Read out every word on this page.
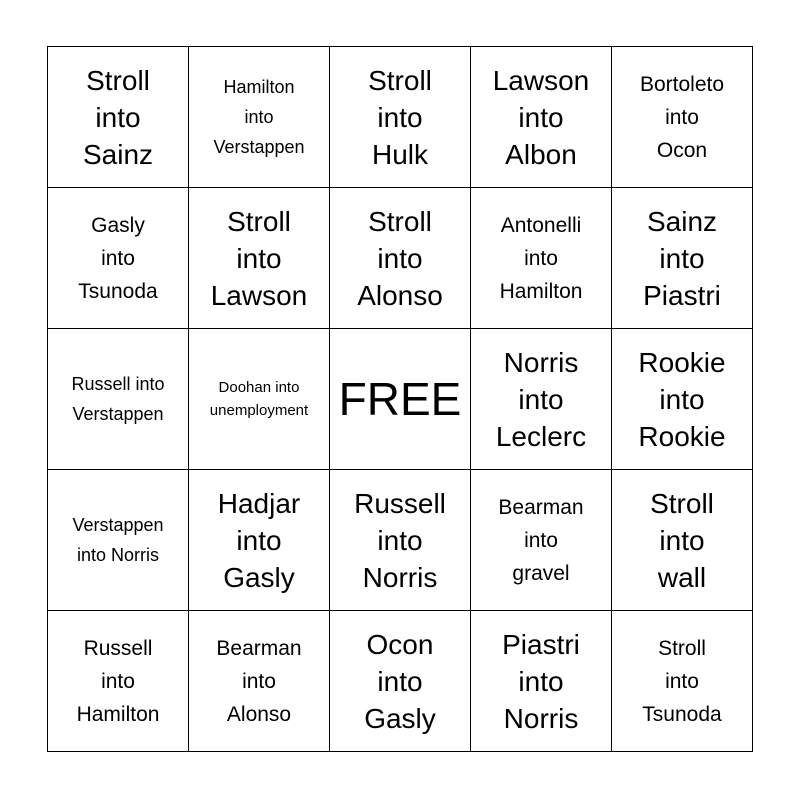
Stroll
into
Sainz
Hamilton
into
Verstappen
Stroll
into
Hulk
Lawson
into
Albon
Bortoleto
into
Ocon
Gasly
into
Tsunoda
Stroll
into
Lawson
Stroll
into
Alonso
Antonelli
into
Hamilton
Sainz
into
Piastri
Russell into
Verstappen
Doohan into
unemployment FREE
Norris
into
Leclerc
Rookie
into
Rookie
Verstappen
into Norris
Hadjar
into
Gasly
Russell
into
Norris
Bearman
into
gravel
Stroll
into
wall
Russell
into
Hamilton
Bearman
into
Alonso
Ocon
into
Gasly
Piastri
into
Norris
Stroll
into
Tsunoda
